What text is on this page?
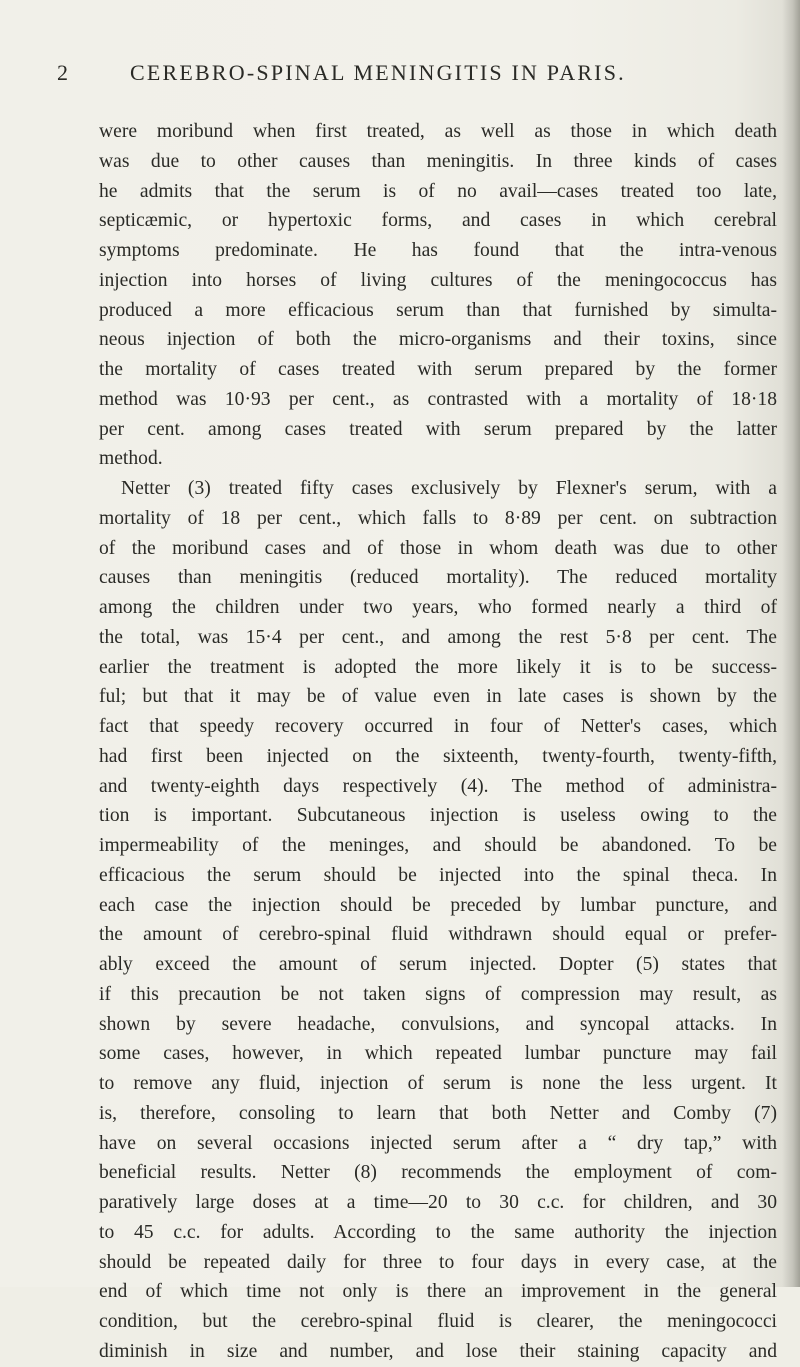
2	CEREBRO-SPINAL MENINGITIS IN PARIS.
were moribund when first treated, as well as those in which death
was due to other causes than meningitis. In three kinds of cases
he admits that the serum is of no avail—cases treated too late,
septicæmic, or hypertoxic forms, and cases in which cerebral
symptoms predominate. He has found that the intra-venous
injection into horses of living cultures of the meningococcus has
produced a more efficacious serum than that furnished by simulta-
neous injection of both the micro-organisms and their toxins, since
the mortality of cases treated with serum prepared by the former
method was 10·93 per cent., as contrasted with a mortality of 18·18
per cent. among cases treated with serum prepared by the latter
method.
Netter (3) treated fifty cases exclusively by Flexner's serum, with a
mortality of 18 per cent., which falls to 8·89 per cent. on subtraction
of the moribund cases and of those in whom death was due to other
causes than meningitis (reduced mortality). The reduced mortality
among the children under two years, who formed nearly a third of
the total, was 15·4 per cent., and among the rest 5·8 per cent. The
earlier the treatment is adopted the more likely it is to be success-
ful; but that it may be of value even in late cases is shown by the
fact that speedy recovery occurred in four of Netter's cases, which
had first been injected on the sixteenth, twenty-fourth, twenty-fifth,
and twenty-eighth days respectively (4). The method of administra-
tion is important. Subcutaneous injection is useless owing to the
impermeability of the meninges, and should be abandoned. To be
efficacious the serum should be injected into the spinal theca. In
each case the injection should be preceded by lumbar puncture, and
the amount of cerebro-spinal fluid withdrawn should equal or prefer-
ably exceed the amount of serum injected. Dopter (5) states that
if this precaution be not taken signs of compression may result, as
shown by severe headache, convulsions, and syncopal attacks. In
some cases, however, in which repeated lumbar puncture may fail
to remove any fluid, injection of serum is none the less urgent. It
is, therefore, consoling to learn that both Netter and Comby (7)
have on several occasions injected serum after a “ dry tap,” with
beneficial results. Netter (8) recommends the employment of com-
paratively large doses at a time—20 to 30 c.c. for children, and 30
to 45 c.c. for adults. According to the same authority the injection
should be repeated daily for three to four days in every case, at the
end of which time not only is there an improvement in the general
condition, but the cerebro-spinal fluid is clearer, the meningococci
diminish in size and number, and lose their staining capacity and
